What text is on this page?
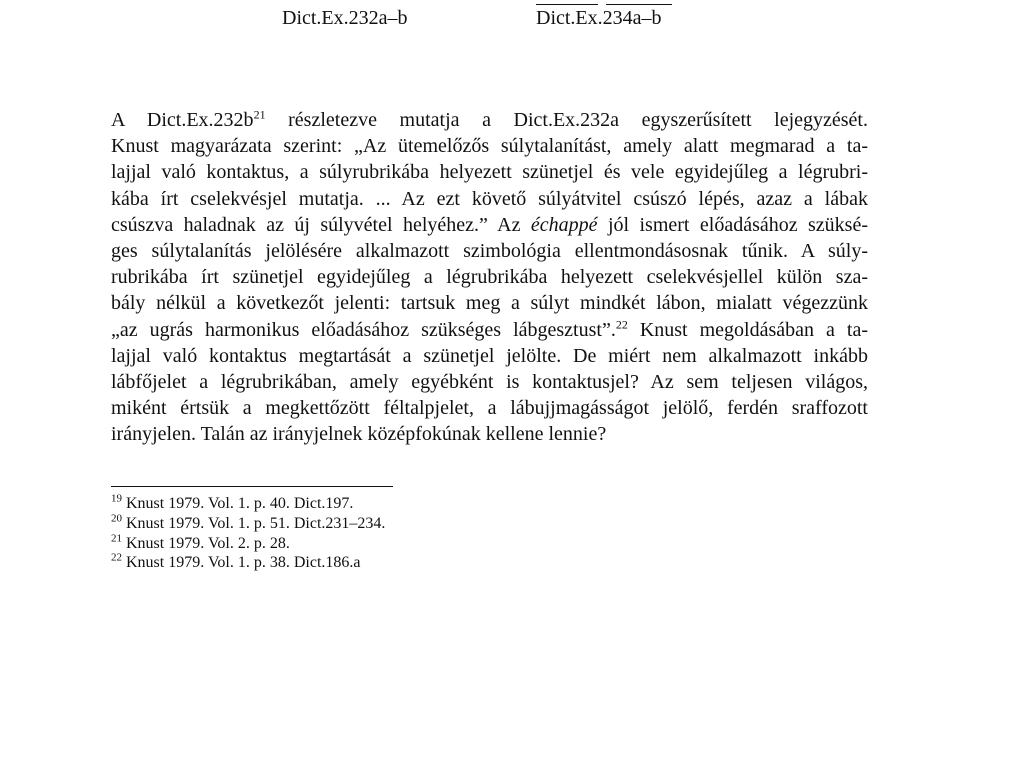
Dict.Ex.232a–b	Dict.Ex.234a–b
A $Dict.Ex.232b^{21}$ részletezve mutatja a Dict.Ex.232a egyszerűsített lejegyzését.
Knust magyarázata szerint: „Az ütemelőzős súlytalanítást, amely alatt megmarad a ta-
lajjal való kontaktus, a súlyrubrikába helyezett szünetjel és vele egyidejűleg a légrubri-
kába írt cselekvésjel mutatja. ... Az ezt követő súlyátvitel csúszó lépés, azaz a lábak
csúszva haladnak az új súlyvétel helyéhez.” Az échappé jól ismert előadásához szüksé-
ges súlytalanítás jelölésére alkalmazott szimbológia ellentmondásosnak tűnik. A súly-
rubrikába írt szünetjel egyidejűleg a légrubrikába helyezett cselekvésjellel külön sza-
bály nélkül a következőt jelenti: tartsuk meg a súlyt mindkét lábon, mialatt végezzünk
„az ugrás harmonikus előadásához szükséges lábgesztust”.$^{22}$ Knust megoldásában a ta-
lajjal való kontaktus megtartását a szünetjel jelölte. De miért nem alkalmazott inkább
lábfőjelet a légrubrikában, amely egyébként is kontaktusjel? Az sem teljesen világos,
miként értsük a megkettőzött féltalpjelet, a lábujjmagásságot jelölő, ferdén sraffozott
irányjelen. Talán az irányjelnek középfokúnak kellene lennie?
$^{19}$ Knust 1979. Vol. 1. p. 40. Dict.197.
$^{20}$ Knust 1979. Vol. 1. p. 51. Dict.231–234.
$^{21}$ Knust 1979. Vol. 2. p. 28.
$^{22}$ Knust 1979. Vol. 1. p. 38. Dict.186.a
